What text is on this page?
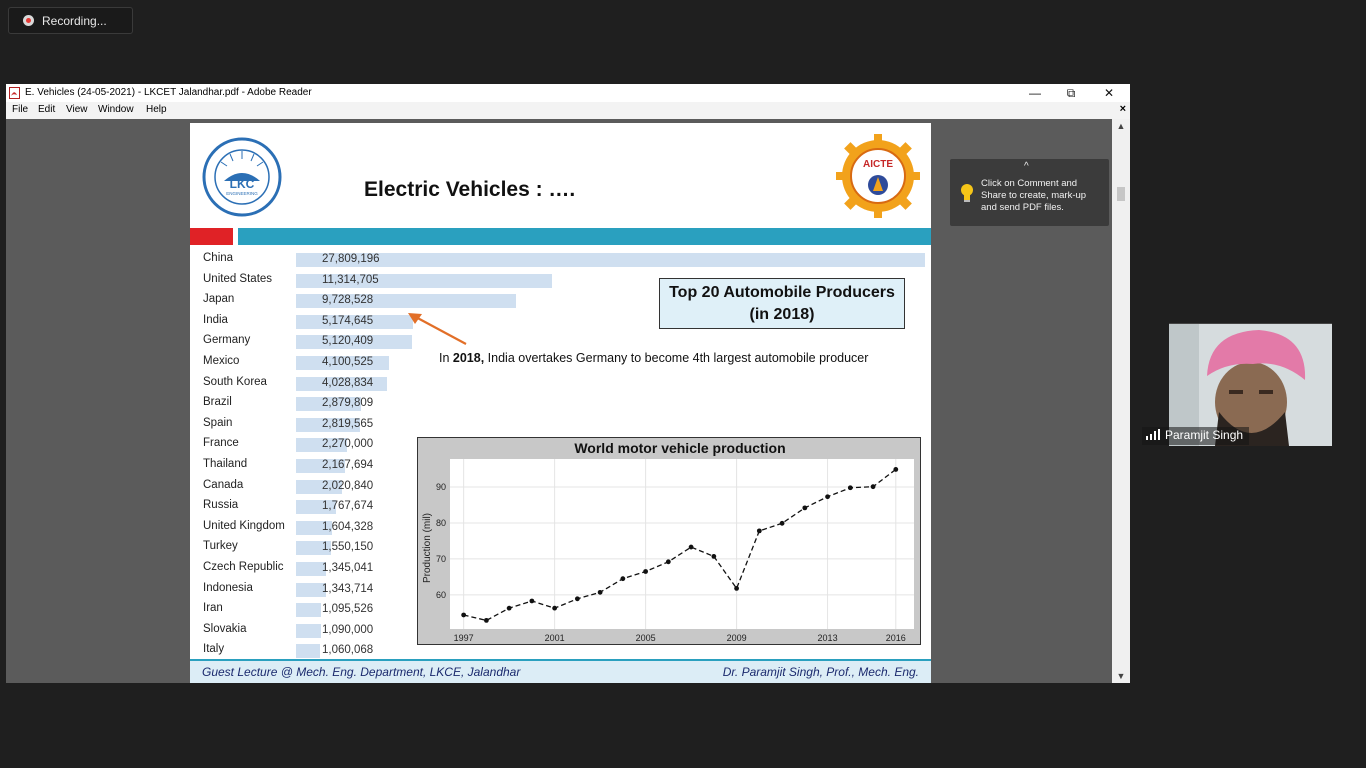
Recording...
E. Vehicles (24-05-2021) - LKCET Jalandhar.pdf - Adobe Reader	—	⧉	✕
File Edit View Window Help	×
LKC
ENGINEERING	Electric Vehicles : ….
AICTE
China	27,809,196
United States	11,314,705
Japan	9,728,528
India	5,174,645
Germany	5,120,409
Mexico	4,100,525
South Korea	4,028,834
Brazil	2,879,809
Spain	2,819,565
France	2,270,000
Thailand	2,167,694
Canada	2,020,840
Russia	1,767,674
United Kingdom	1,604,328
Turkey	1,550,150
Czech Republic	1,345,041
Indonesia	1,343,714
Iran	1,095,526
Slovakia	1,090,000
Italy	1,060,068
Top 20 Automobile Producers
(in 2018)
In 2018, India overtakes Germany to become 4th largest automobile producer
World motor vehicle production
Production (mil)
60
70
80
90
1997	2001	2005	2009	2013	2016
Guest Lecture @ Mech. Eng. Department, LKCE, Jalandhar	Dr. Paramjit Singh, Prof., Mech. Eng.
^
Click on Comment and Share to create, mark-up and send PDF files.
▲
▼
Paramjit Singh
